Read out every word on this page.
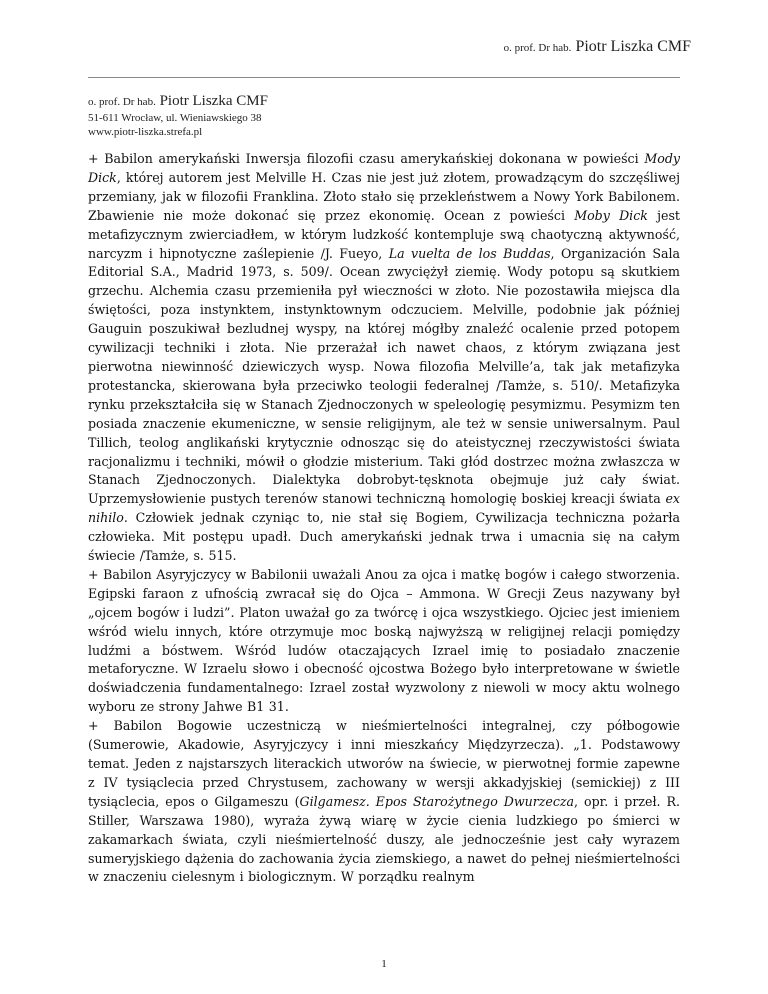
o. prof. Dr hab. Piotr Liszka CMF
o. prof. Dr hab. Piotr Liszka CMF
51-611 Wrocław, ul. Wieniawskiego 38
www.piotr-liszka.strefa.pl

+ Babilon amerykański Inwersja filozofii czasu amerykańskiej dokonana w powieści Mody Dick, której autorem jest Melville H. Czas nie jest już złotem, prowadzącym do szczęśliwej przemiany, jak w filozofii Franklina. Złoto stało się przekleństwem a Nowy York Babilonem. Zbawienie nie może dokonać się przez ekonomię. Ocean z powieści Moby Dick jest metafizycznym zwierciadłem, w którym ludzkość kontempluje swą chaotyczną aktywność, narcyzm i hipnotyczne zaślepienie /J. Fueyo, La vuelta de los Buddas, Organización Sala Editorial S.A., Madrid 1973, s. 509/. Ocean zwyciężył ziemię. Wody potopu są skutkiem grzechu. Alchemia czasu przemieniła pył wieczności w złoto. Nie pozostawiła miejsca dla świętości, poza instynktem, instynktownym odczuciem. Melville, podobnie jak później Gauguin poszukiwał bezludnej wyspy, na której mógłby znaleźć ocalenie przed potopem cywilizacji techniki i złota. Nie przerażał ich nawet chaos, z którym związana jest pierwotna niewinność dziewiczych wysp. Nowa filozofia Melville’a, tak jak metafizyka protestancka, skierowana była przeciwko teologii federalnej /Tamże, s. 510/. Metafizyka rynku przekształciła się w Stanach Zjednoczonych w speleologię pesymizmu. Pesymizm ten posiada znaczenie ekumeniczne, w sensie religijnym, ale też w sensie uniwersalnym. Paul Tillich, teolog anglikański krytycznie odnosząc się do ateistycznej rzeczywistości świata racjonalizmu i techniki, mówił o głodzie misterium. Taki głód dostrzec można zwłaszcza w Stanach Zjednoczonych. Dialektyka dobrobyt-tęsknota obejmuje już cały świat. Uprzemysłowienie pustych terenów stanowi techniczną homologię boskiej kreacji świata ex nihilo. Człowiek jednak czyniąc to, nie stał się Bogiem, Cywilizacja techniczna pożarła człowieka. Mit postępu upadł. Duch amerykański jednak trwa i umacnia się na całym świecie /Tamże, s. 515.

+ Babilon Asyryjczycy w Babilonii uważali Anou za ojca i matkę bogów i całego stworzenia. Egipski faraon z ufnością zwracał się do Ojca – Ammona. W Grecji Zeus nazywany był „ojcem bogów i ludzi”. Platon uważał go za twórcę i ojca wszystkiego. Ojciec jest imieniem wśród wielu innych, które otrzymuje moc boską najwyższą w religijnej relacji pomiędzy ludźmi a bóstwem. Wśród ludów otaczających Izrael imię to posiadało znaczenie metaforyczne. W Izraelu słowo i obecność ojcostwa Bożego było interpretowane w świetle doświadczenia fundamentalnego: Izrael został wyzwolony z niewoli w mocy aktu wolnego wyboru ze strony Jahwe B1 31.

+ Babilon Bogowie uczestniczą w nieśmiertelności integralnej, czy półbogowie (Sumerowie, Akadowie, Asyryjczycy i inni mieszkańcy Międzyrzecza). „1. Podstawowy temat. Jeden z najstarszych literackich utworów na świecie, w pierwotnej formie zapewne z IV tysiąclecia przed Chrystusem, zachowany w wersji akkadyjskiej (semickiej) z III tysiąclecia, epos o Gilgameszu (Gilgamesz. Epos Starożytnego Dwurzecza, opr. i przeł. R. Stiller, Warszawa 1980), wyraża żywą wiarę w życie cienia ludzkiego po śmierci w zakamarkach świata, czyli nieśmiertelność duszy, ale jednocześnie jest cały wyrazem sumeryjskiego dążenia do zachowania życia ziemskiego, a nawet do pełnej nieśmiertelności w znaczeniu cielesnym i biologicznym. W porządku realnym

1
